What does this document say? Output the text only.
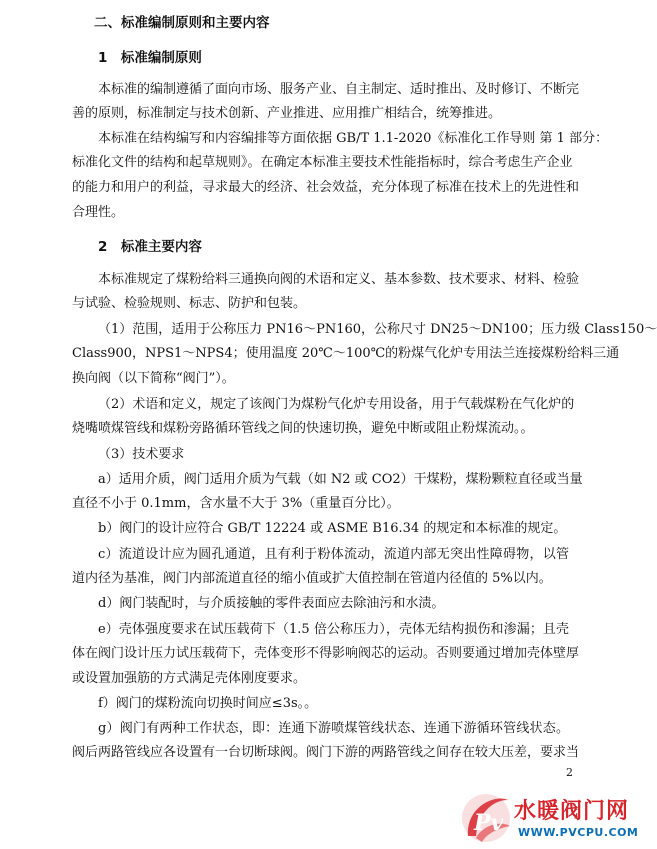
二、标准编制原则和主要内容
1　标准编制原则
本标准的编制遵循了面向市场、服务产业、自主制定、适时推出、及时修订、不断完
善的原则，标准制定与技术创新、产业推进、应用推广相结合，统筹推进。
本标准在结构编写和内容编排等方面依据 GB/T 1.1-2020《标准化工作导则 第 1 部分：
标准化文件的结构和起草规则》。在确定本标准主要技术性能指标时，综合考虑生产企业
的能力和用户的利益，寻求最大的经济、社会效益，充分体现了标准在技术上的先进性和
合理性。
2　标准主要内容
本标准规定了煤粉给料三通换向阀的术语和定义、基本参数、技术要求、材料、检验
与试验、检验规则、标志、防护和包装。
（1）范围，适用于公称压力 PN16～PN160，公称尺寸 DN25～DN100；压力级 Class150～
Class900，NPS1～NPS4；使用温度 20℃～100℃的粉煤气化炉专用法兰连接煤粉给料三通
换向阀（以下简称“阀门”）。
（2）术语和定义，规定了该阀门为煤粉气化炉专用设备，用于气载煤粉在气化炉的
烧嘴喷煤管线和煤粉旁路循环管线之间的快速切换，避免中断或阻止粉煤流动。。
（3）技术要求
a）适用介质，阀门适用介质为气载（如 N2 或 CO2）干煤粉，煤粉颗粒直径或当量
直径不小于 0.1mm，含水量不大于 3%（重量百分比）。
b）阀门的设计应符合 GB/T 12224 或 ASME B16.34 的规定和本标准的规定。
c）流道设计应为圆孔通道，且有利于粉体流动，流道内部无突出性障碍物，以管
道内径为基准，阀门内部流道直径的缩小值或扩大值控制在管道内径值的 5%以内。
d）阀门装配时，与介质接触的零件表面应去除油污和水渍。
e）壳体强度要求在试压载荷下（1.5 倍公称压力），壳体无结构损伤和渗漏；且壳
体在阀门设计压力试压载荷下，壳体变形不得影响阀芯的运动。否则要通过增加壳体壁厚
或设置加强筋的方式满足壳体刚度要求。
f）阀门的煤粉流向切换时间应≤3s。。
g）阀门有两种工作状态，即：连通下游喷煤管线状态、连通下游循环管线状态。
阀后两路管线应各设置有一台切断球阀。阀门下游的两路管线之间存在较大压差，要求当
2
Pv 水暖阀门网
WWW.PVCPU.COM
